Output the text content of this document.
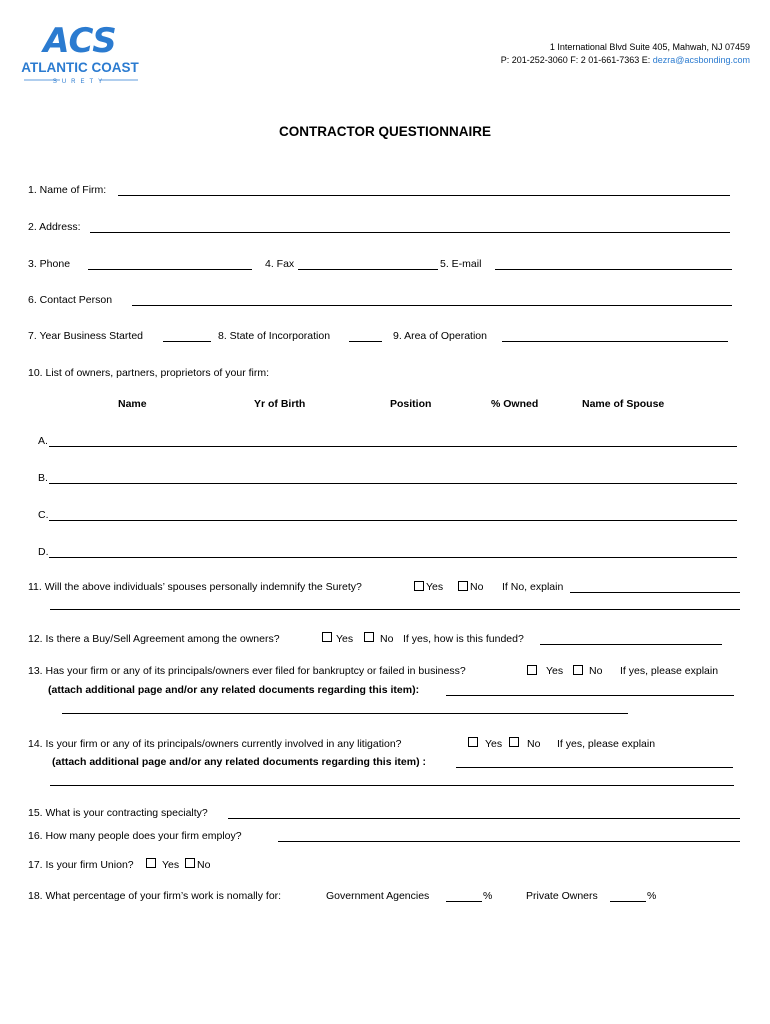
ACS
ATLANTIC COAST
SURETY
1 International Blvd Suite 405, Mahwah, NJ 07459
P: 201-252-3060 F: 2 01-661-7363 E: dezra@acsbonding.com
CONTRACTOR QUESTIONNAIRE
1. Name of Firm:
2. Address:
3. Phone	4. Fax	5. E-mail
6. Contact Person
7. Year Business Started	8. State of Incorporation	9. Area of Operation
10. List of owners, partners, proprietors of your firm:
Name	Yr of Birth	Position	% Owned	Name of Spouse
A.
B.
C.
D.
11. Will the above individuals’ spouses personally indemnify the Surety?	Yes	No If No, explain
12. Is there a Buy/Sell Agreement among the owners?	Yes	No If yes, how is this funded?
13. Has your firm or any of its principals/owners ever filed for bankruptcy or failed in business?	Yes No If yes, please explain
(attach additional page and/or any related documents regarding this item):
14. Is your firm or any of its principals/owners currently involved in any litigation?	Yes No If yes, please explain
(attach additional page and/or any related documents regarding this item) :
15. What is your contracting specialty?
16. How many people does your firm employ?
17. Is your firm Union?	Yes No
18. What percentage of your firm’s work is nomally for:	Government Agencies	%	Private Owners	%
